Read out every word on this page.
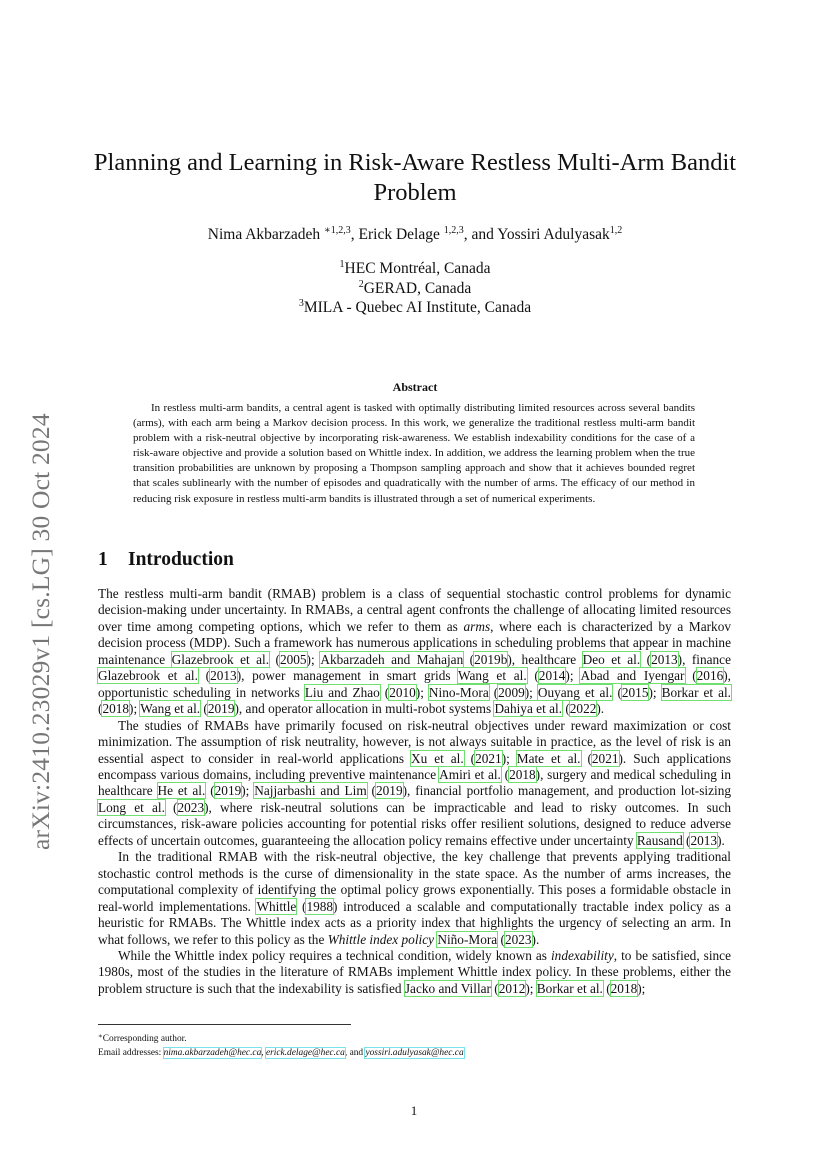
arXiv:2410.23029v1 [cs.LG] 30 Oct 2024
Planning and Learning in Risk-Aware Restless Multi-Arm Bandit
Problem
Nima Akbarzadeh $^{∗1,2,3}$, Erick Delage $^{1,2,3}$, and Yossiri Adulyasak$^{1,2}$
$^1$HEC Montréal, Canada
$^2$GERAD, Canada
$^3$MILA - Quebec AI Institute, Canada
Abstract

In restless multi-arm bandits, a central agent is tasked with optimally distributing limited resources across several bandits (arms), with each arm being a Markov decision process. In this work, we generalize the traditional restless multi-arm bandit problem with a risk-neutral objective by incorporating risk-awareness. We establish indexability conditions for the case of a risk-aware objective and provide a solution based on Whittle index. In addition, we address the learning problem when the true transition probabilities are unknown by proposing a Thompson sampling approach and show that it achieves bounded regret that scales sublinearly with the number of episodes and quadratically with the number of arms. The efficacy of our method in reducing risk exposure in restless multi-arm bandits is illustrated through a set of numerical experiments.

1 Introduction

The restless multi-arm bandit (RMAB) problem is a class of sequential stochastic control problems for dynamic decision-making under uncertainty. In RMABs, a central agent confronts the challenge of allocating limited resources over time among competing options, which we refer to them as arms, where each is characterized by a Markov decision process (MDP). Such a framework has numerous applications in scheduling problems that appear in machine maintenance Glazebrook et al. (2005); Akbarzadeh and Mahajan (2019b), healthcare Deo et al. (2013), finance Glazebrook et al. (2013), power management in smart grids Wang et al. (2014); Abad and Iyengar (2016), opportunistic scheduling in networks Liu and Zhao (2010); Nino-Mora (2009); Ouyang et al. (2015); Borkar et al. (2018); Wang et al. (2019), and operator allocation in multi-robot systems Dahiya et al. (2022).

The studies of RMABs have primarily focused on risk-neutral objectives under reward maximization or cost minimization. The assumption of risk neutrality, however, is not always suitable in practice, as the level of risk is an essential aspect to consider in real-world applications Xu et al. (2021); Mate et al. (2021). Such applications encompass various domains, including preventive maintenance Amiri et al. (2018), surgery and medical scheduling in healthcare He et al. (2019); Najjarbashi and Lim (2019), financial portfolio management, and production lot-sizing Long et al. (2023), where risk-neutral solutions can be impracticable and lead to risky outcomes. In such circumstances, risk-aware policies accounting for potential risks offer resilient solutions, designed to reduce adverse effects of uncertain outcomes, guaranteeing the allocation policy remains effective under uncertainty Rausand (2013).

In the traditional RMAB with the risk-neutral objective, the key challenge that prevents applying traditional stochastic control methods is the curse of dimensionality in the state space. As the number of arms increases, the computational complexity of identifying the optimal policy grows exponentially. This poses a formidable obstacle in real-world implementations. Whittle (1988) introduced a scalable and computationally tractable index policy as a heuristic for RMABs. The Whittle index acts as a priority index that highlights the urgency of selecting an arm. In what follows, we refer to this policy as the Whittle index policy Niño-Mora (2023).

While the Whittle index policy requires a technical condition, widely known as indexability, to be satisfied, since 1980s, most of the studies in the literature of RMABs implement Whittle index policy. In these problems, either the problem structure is such that the indexability is satisfied Jacko and Villar (2012); Borkar et al. (2018);

∗Corresponding author.
Email addresses: nima.akbarzadeh@hec.ca, erick.delage@hec.ca, and yossiri.adulyasak@hec.ca
1
